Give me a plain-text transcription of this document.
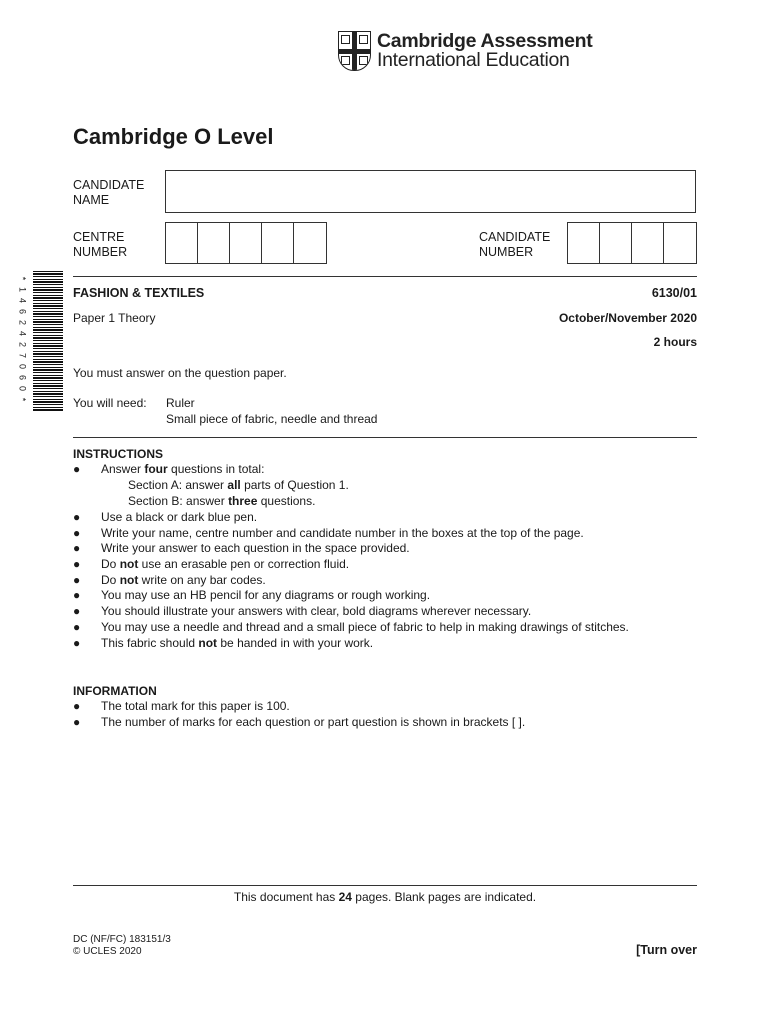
Cambridge Assessment
International Education
Cambridge O Level
CANDIDATE
NAME
CENTRE
NUMBER
CANDIDATE
NUMBER
*
1
4
6
2
4
2
7
0
6
0
*
FASHION & TEXTILES	6130/01
Paper 1 Theory	October/November 2020
2 hours
You must answer on the question paper.
You will need: Ruler
Small piece of fabric, needle and thread
INSTRUCTIONS
● Answer four questions in total:
Section A: answer all parts of Question 1.
Section B: answer three questions.
● Use a black or dark blue pen.
● Write your name, centre number and candidate number in the boxes at the top of the page.
● Write your answer to each question in the space provided.
● Do not use an erasable pen or correction fluid.
● Do not write on any bar codes.
● You may use an HB pencil for any diagrams or rough working.
● You should illustrate your answers with clear, bold diagrams wherever necessary.
● You may use a needle and thread and a small piece of fabric to help in making drawings of stitches.
● This fabric should not be handed in with your work.
INFORMATION
● The total mark for this paper is 100.
● The number of marks for each question or part question is shown in brackets [ ].
This document has 24 pages. Blank pages are indicated.
DC (NF/FC) 183151/3
© UCLES 2020	[Turn over
